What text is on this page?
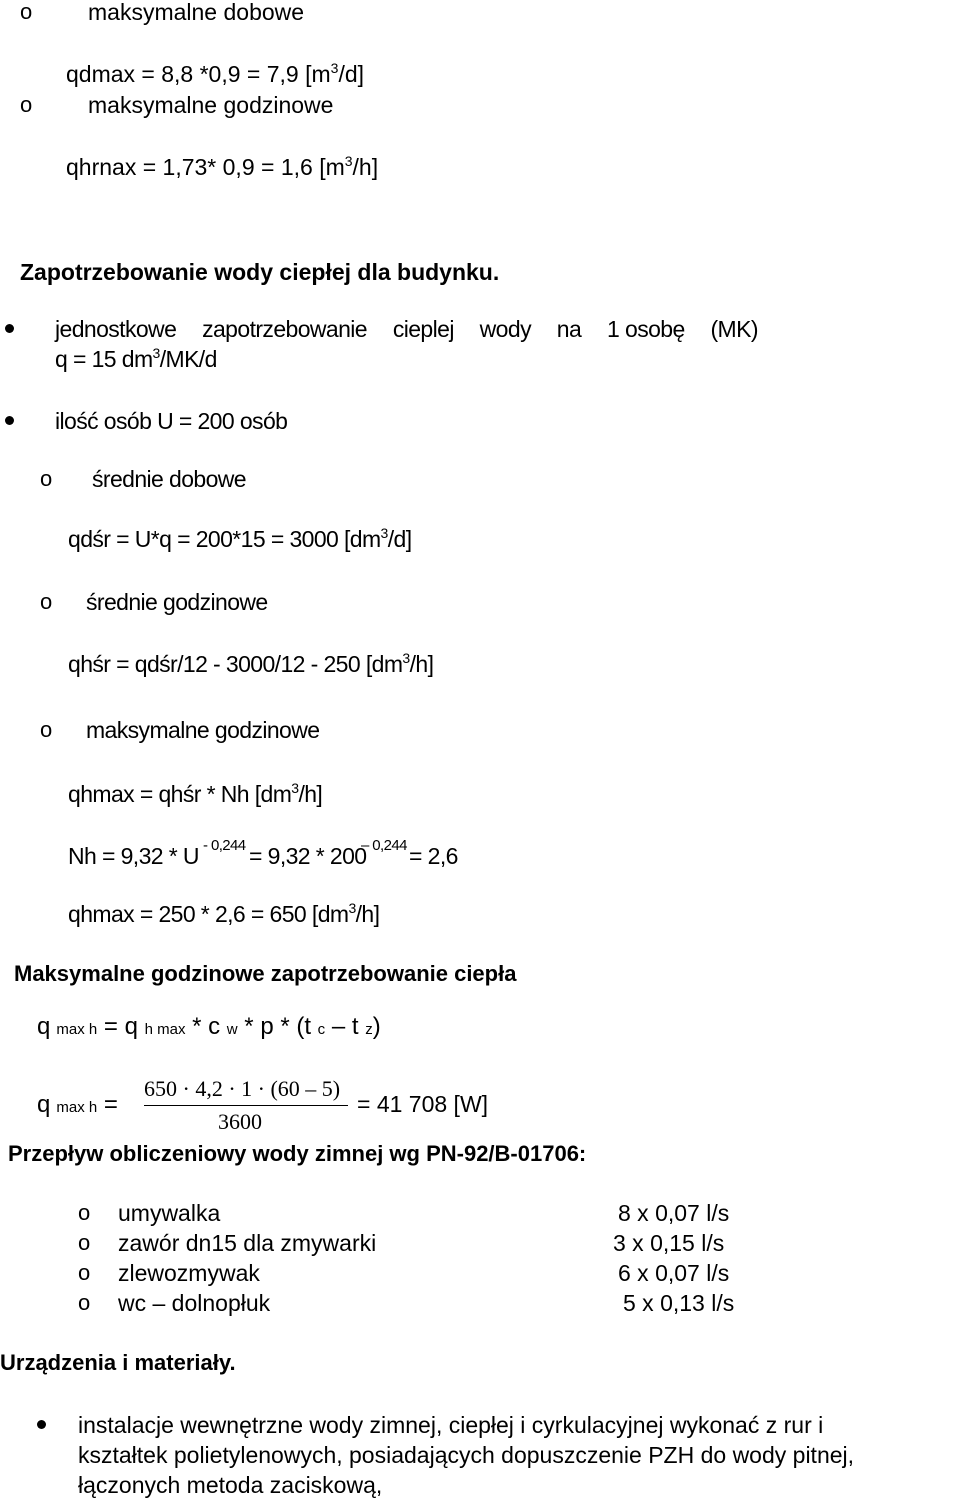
o maksymalne dobowe
qdmax = 8,8 *0,9 = 7,9 $[m^3/d]$
o maksymalne godzinowe
qhrnax = 1,73* 0,9 = 1,6 $[m^3/h]$
Zapotrzebowanie wody ciepłej dla budynku.
jednostkowe zapotrzebowanie cieplej wody na 1 osobę (MK)
q = 15 $dm^3/MK/d$
ilość osób U = 200 osób
o średnie dobowe
qdśr = U*q = 200*15 = 3000 $[dm^3/d]$
o średnie godzinowe
qhśr = qdśr/12 - 3000/12 - 250 $[dm^3/h]$
o maksymalne godzinowe
qhmax = qhśr * Nh $[dm^3/h]$
Nh = 9,32 * U - 0,244 = 9,32 * 200
– 0,244 = 2,6
qhmax = 250 * 2,6 = 650 $[dm^3/h]$
Maksymalne godzinowe zapotrzebowanie ciepła
qmax h = q h max * c w * p * (t c – t z)
qmax h =
650 · 4,2 · 1 · (60 – 5)
3600
= 41 708 [W]
Przepływ obliczeniowy wody zimnej wg PN-92/B-01706:
o umywalka	8 x 0,07 l/s
o zawór dn15 dla zmywarki	3 x 0,15 l/s
o zlewozmywak	6 x 0,07 l/s
o wc – dolnopłuk	5 x 0,13 l/s
Urządzenia i materiały.
instalacje wewnętrzne wody zimnej, ciepłej i cyrkulacyjnej wykonać z rur i
kształtek polietylenowych, posiadających dopuszczenie PZH do wody pitnej,
łączonych metoda zaciskową,
